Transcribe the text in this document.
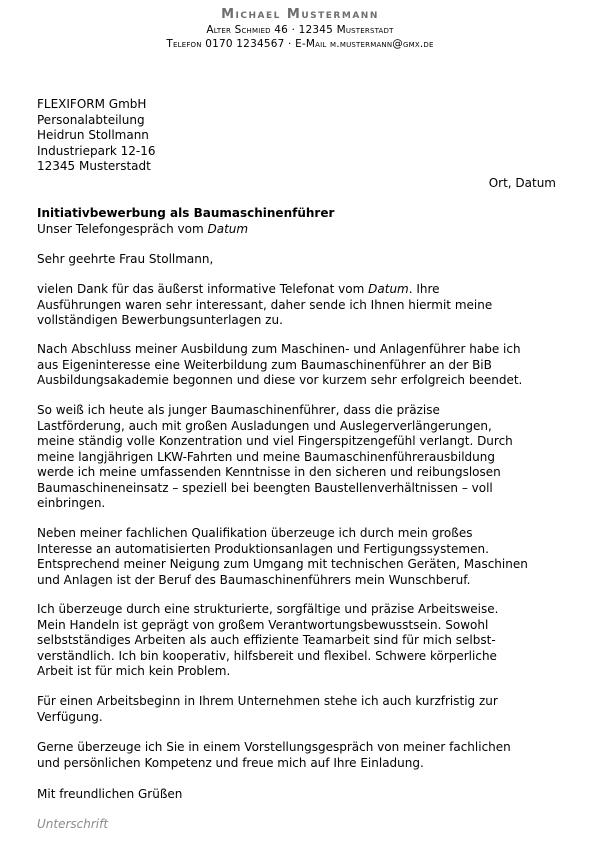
Michael Mustermann
Alter Schmied 46 · 12345 Musterstadt
Telefon 0170 1234567 · E-Mail m.mustermann@gmx.de
FLEXIFORM GmbH
Personalabteilung
Heidrun Stollmann
Industriepark 12-16
12345 Musterstadt
Ort, Datum
Initiativbewerbung als Baumaschinenführer
Unser Telefongespräch vom Datum
Sehr geehrte Frau Stollmann,
vielen Dank für das äußerst informative Telefonat vom Datum. Ihre
Ausführungen waren sehr interessant, daher sende ich Ihnen hiermit meine
vollständigen Bewerbungsunterlagen zu.
Nach Abschluss meiner Ausbildung zum Maschinen- und Anlagenführer habe ich
aus Eigeninteresse eine Weiterbildung zum Baumaschinenführer an der BiB
Ausbildungsakademie begonnen und diese vor kurzem sehr erfolgreich beendet.
So weiß ich heute als junger Baumaschinenführer, dass die präzise
Lastförderung, auch mit großen Ausladungen und Auslegerverlängerungen,
meine ständig volle Konzentration und viel Fingerspitzengefühl verlangt. Durch
meine langjährigen LKW-Fahrten und meine Baumaschinenführerausbildung
werde ich meine umfassenden Kenntnisse in den sicheren und reibungslosen
Baumaschineneinsatz – speziell bei beengten Baustellenverhältnissen – voll
einbringen.
Neben meiner fachlichen Qualifikation überzeuge ich durch mein großes
Interesse an automatisierten Produktionsanlagen und Fertigungssystemen.
Entsprechend meiner Neigung zum Umgang mit technischen Geräten, Maschinen
und Anlagen ist der Beruf des Baumaschinenführers mein Wunschberuf.
Ich überzeuge durch eine strukturierte, sorgfältige und präzise Arbeitsweise.
Mein Handeln ist geprägt von großem Verantwortungsbewusstsein. Sowohl
selbstständiges Arbeiten als auch effiziente Teamarbeit sind für mich selbst-
verständlich. Ich bin kooperativ, hilfsbereit und flexibel. Schwere körperliche
Arbeit ist für mich kein Problem.
Für einen Arbeitsbeginn in Ihrem Unternehmen stehe ich auch kurzfristig zur
Verfügung.
Gerne überzeuge ich Sie in einem Vorstellungsgespräch von meiner fachlichen
und persönlichen Kompetenz und freue mich auf Ihre Einladung.
Mit freundlichen Grüßen
Unterschrift
